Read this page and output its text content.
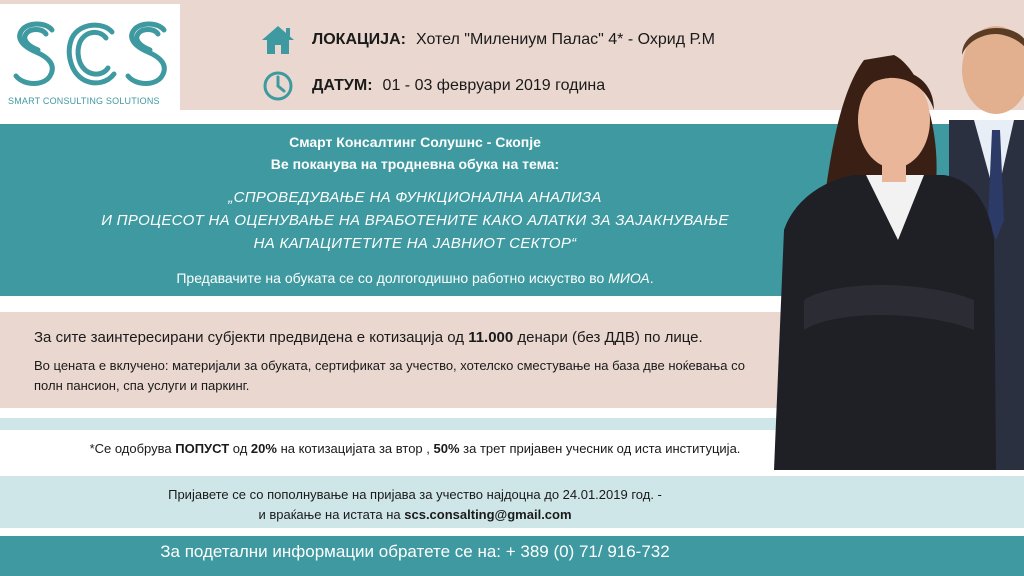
SMART CONSULTING SOLUTIONS
ЛОКАЦИЈА: Хотел "Милениум Палас" 4* - Охрид Р.М
ДАТУМ: 01 - 03 февруари 2019 година
Смарт Консалтинг Солушнс - Скопје
Ве поканува на тродневна обука на тема:
„СПРОВЕДУВАЊЕ НА ФУНКЦИОНАЛНА АНАЛИЗА
И ПРОЦЕСОТ НА ОЦЕНУВАЊЕ НА ВРАБОТЕНИТЕ КАКО АЛАТКИ ЗА ЗАЈАКНУВАЊЕ
НА КАПАЦИТЕТИТЕ НА ЈАВНИОТ СЕКТОР“
Предавачите на обуката се со долгогодишно работно искуство во МИОА.
За сите заинтересирани субјекти предвидена е котизација од 11.000 денари (без ДДВ) по лице.
Во цената е вклучено: материјали за обуката, сертификат за учество, хотелско сместување на база две ноќевања со полн пансион, спа услуги и паркинг.
*Се одобрува ПОПУСТ од 20% на котизацијата за втор , 50% за трет пријавен учесник од иста институција.
Пријавете се со пополнување на пријава за учество најдоцна до 24.01.2019 год. -
и враќање на истата на scs.consalting@gmail.com
За подетални информации обратете се на: + 389 (0) 71/ 916-732
